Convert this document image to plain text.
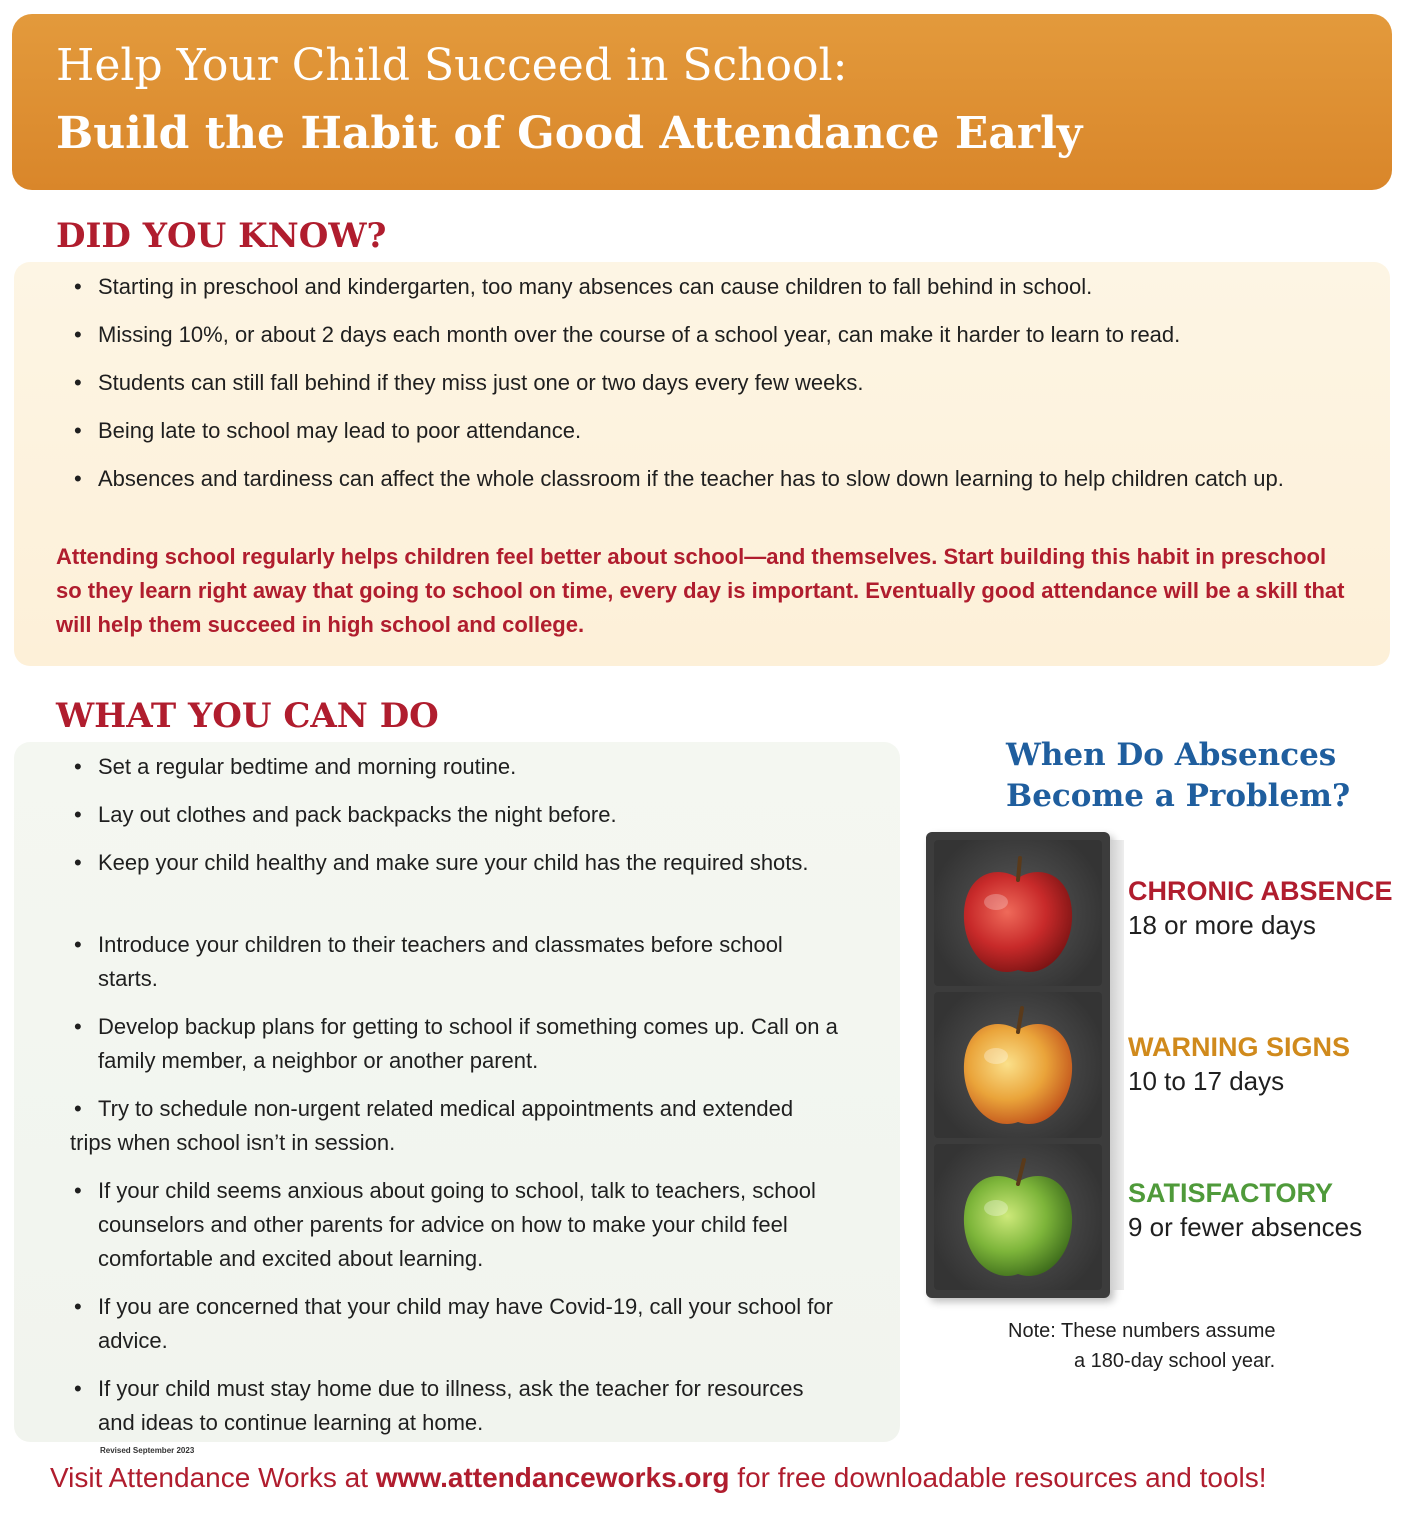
Help Your Child Succeed in School:
Build the Habit of Good Attendance Early
DID YOU KNOW?
• Starting in preschool and kindergarten, too many absences can cause children to fall behind in school.
• Missing 10%, or about 2 days each month over the course of a school year, can make it harder to learn to read.
• Students can still fall behind if they miss just one or two days every few weeks.
• Being late to school may lead to poor attendance.
• Absences and tardiness can affect the whole classroom if the teacher has to slow down learning to help children catch up.
Attending school regularly helps children feel better about school—and themselves. Start building this habit in preschool so they learn right away that going to school on time, every day is important. Eventually good attendance will be a skill that will help them succeed in high school and college.
WHAT YOU CAN DO
• Set a regular bedtime and morning routine.
• Lay out clothes and pack backpacks the night before.
• Keep your child healthy and make sure your child has the required shots.
• Introduce your children to their teachers and classmates before school starts.
• Develop backup plans for getting to school if something comes up. Call on a family member, a neighbor or another parent.
• Try to schedule non-urgent related medical appointments and extended trips when school isn’t in session.
• If your child seems anxious about going to school, talk to teachers, school counselors and other parents for advice on how to make your child feel comfortable and excited about learning.
• If you are concerned that your child may have Covid-19, call your school for advice.
• If your child must stay home due to illness, ask the teacher for resources and ideas to continue learning at home.
When Do Absences Become a Problem?
CHRONIC ABSENCE
18 or more days
WARNING SIGNS
10 to 17 days
SATISFACTORY
9 or fewer absences
Note: These numbers assume
a 180-day school year.
Revised September 2023
Visit Attendance Works at www.attendanceworks.org for free downloadable resources and tools!
